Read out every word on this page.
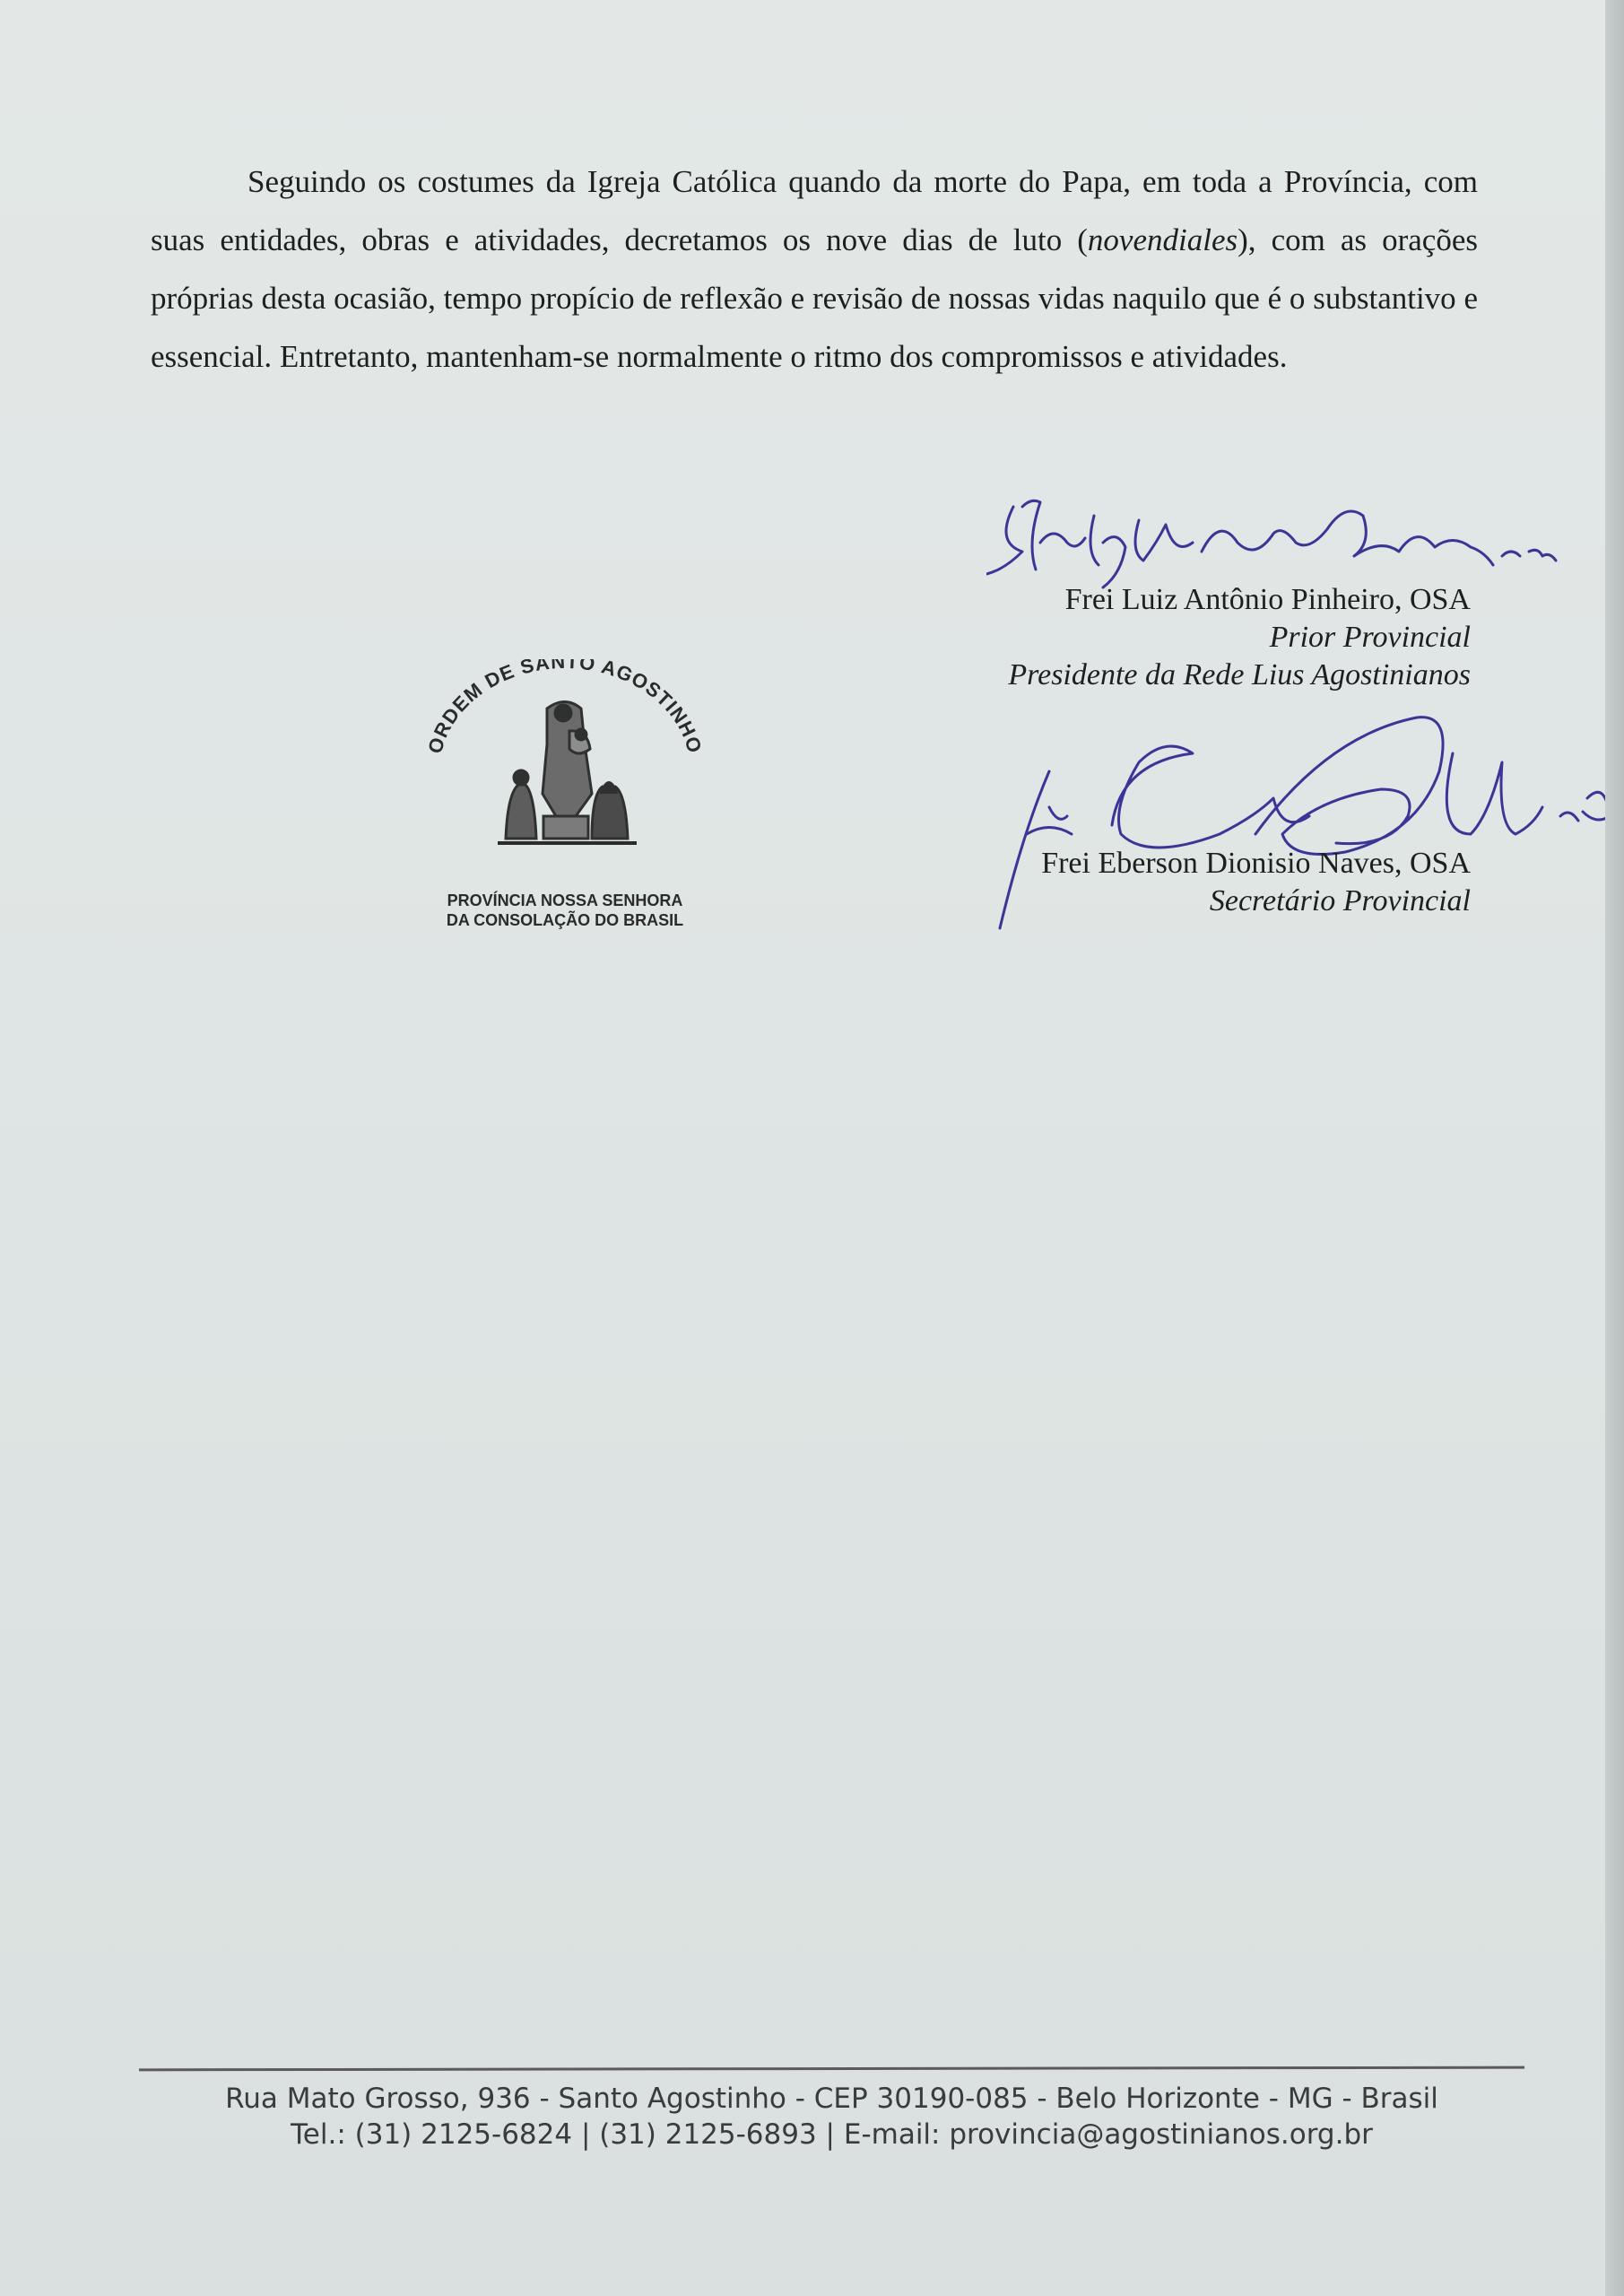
Seguindo os costumes da Igreja Católica quando da morte do Papa, em toda a Província, com suas entidades, obras e atividades, decretamos os nove dias de luto (novendiales), com as orações próprias desta ocasião, tempo propício de reflexão e revisão de nossas vidas naquilo que é o substantivo e essencial. Entretanto, mantenham-se normalmente o ritmo dos compromissos e atividades.

ORDEM DE SANTO AGOSTINHO
PROVÍNCIA NOSSA SENHORA
DA CONSOLAÇÃO DO BRASIL
Frei Luiz Antônio Pinheiro, OSA
Prior Provincial
Presidente da Rede Lius Agostinianos
Frei Eberson Dionisio Naves, OSA
Secretário Provincial
Rua Mato Grosso, 936 - Santo Agostinho - CEP 30190-085 - Belo Horizonte - MG - Brasil
Tel.: (31) 2125-6824 | (31) 2125-6893 | E-mail: provincia@agostinianos.org.br
